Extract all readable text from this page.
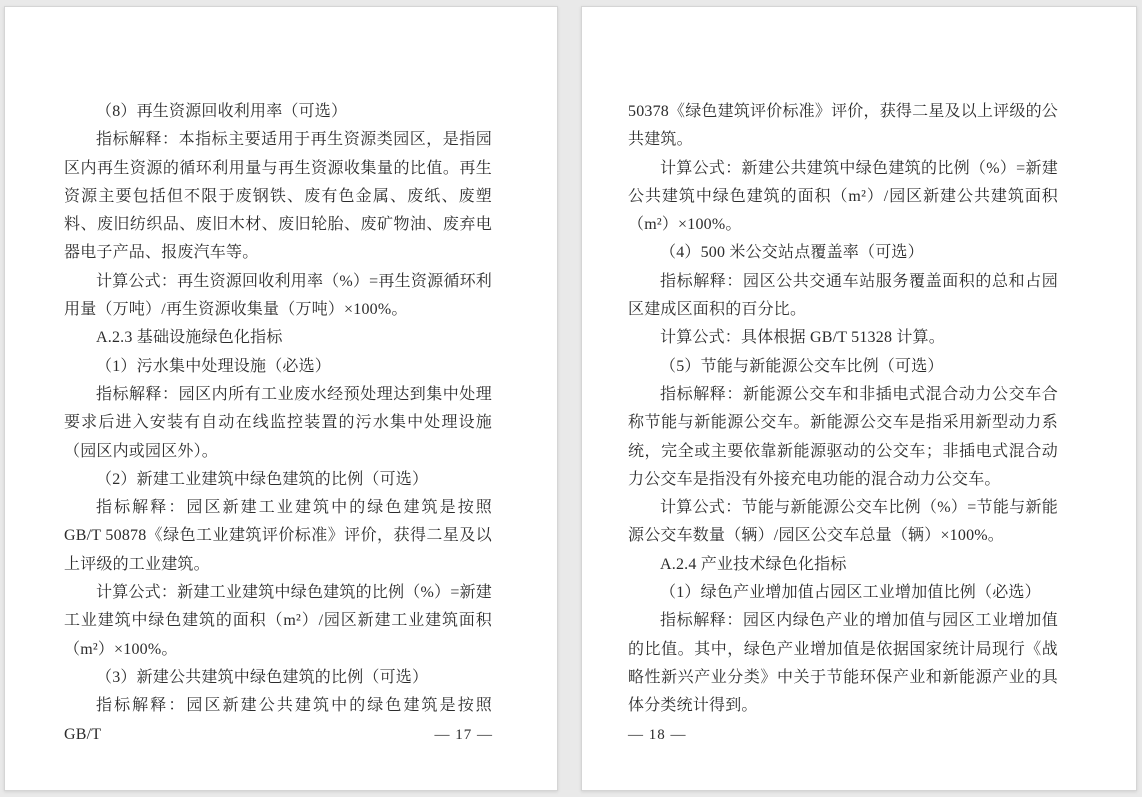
（8）再生资源回收利用率（可选）

指标解释：本指标主要适用于再生资源类园区，是指园区内再生资源的循环利用量与再生资源收集量的比值。再生资源主要包括但不限于废钢铁、废有色金属、废纸、废塑料、废旧纺织品、废旧木材、废旧轮胎、废矿物油、废弃电器电子产品、报废汽车等。

计算公式：再生资源回收利用率（%）=再生资源循环利用量（万吨）/再生资源收集量（万吨）×100%。

A.2.3 基础设施绿色化指标

（1）污水集中处理设施（必选）

指标解释：园区内所有工业废水经预处理达到集中处理要求后进入安装有自动在线监控装置的污水集中处理设施（园区内或园区外）。

（2）新建工业建筑中绿色建筑的比例（可选）

指标解释：园区新建工业建筑中的绿色建筑是按照 GB/T 50878《绿色工业建筑评价标准》评价，获得二星及以上评级的工业建筑。

计算公式：新建工业建筑中绿色建筑的比例（%）=新建工业建筑中绿色建筑的面积（m²）/园区新建工业建筑面积（m²）×100%。

（3）新建公共建筑中绿色建筑的比例（可选）

指标解释：园区新建公共建筑中的绿色建筑是按照 GB/T	— 17 —

50378《绿色建筑评价标准》评价，获得二星及以上评级的公共建筑。

计算公式：新建公共建筑中绿色建筑的比例（%）=新建公共建筑中绿色建筑的面积（m²）/园区新建公共建筑面积（m²）×100%。

（4）500 米公交站点覆盖率（可选）

指标解释：园区公共交通车站服务覆盖面积的总和占园区建成区面积的百分比。

计算公式：具体根据 GB/T 51328 计算。

（5）节能与新能源公交车比例（可选）

指标解释：新能源公交车和非插电式混合动力公交车合称节能与新能源公交车。新能源公交车是指采用新型动力系统，完全或主要依靠新能源驱动的公交车；非插电式混合动力公交车是指没有外接充电功能的混合动力公交车。

计算公式：节能与新能源公交车比例（%）=节能与新能源公交车数量（辆）/园区公交车总量（辆）×100%。

A.2.4 产业技术绿色化指标

（1）绿色产业增加值占园区工业增加值比例（必选）

指标解释：园区内绿色产业的增加值与园区工业增加值的比值。其中，绿色产业增加值是依据国家统计局现行《战略性新兴产业分类》中关于节能环保产业和新能源产业的具体分类统计得到。

— 18 —
